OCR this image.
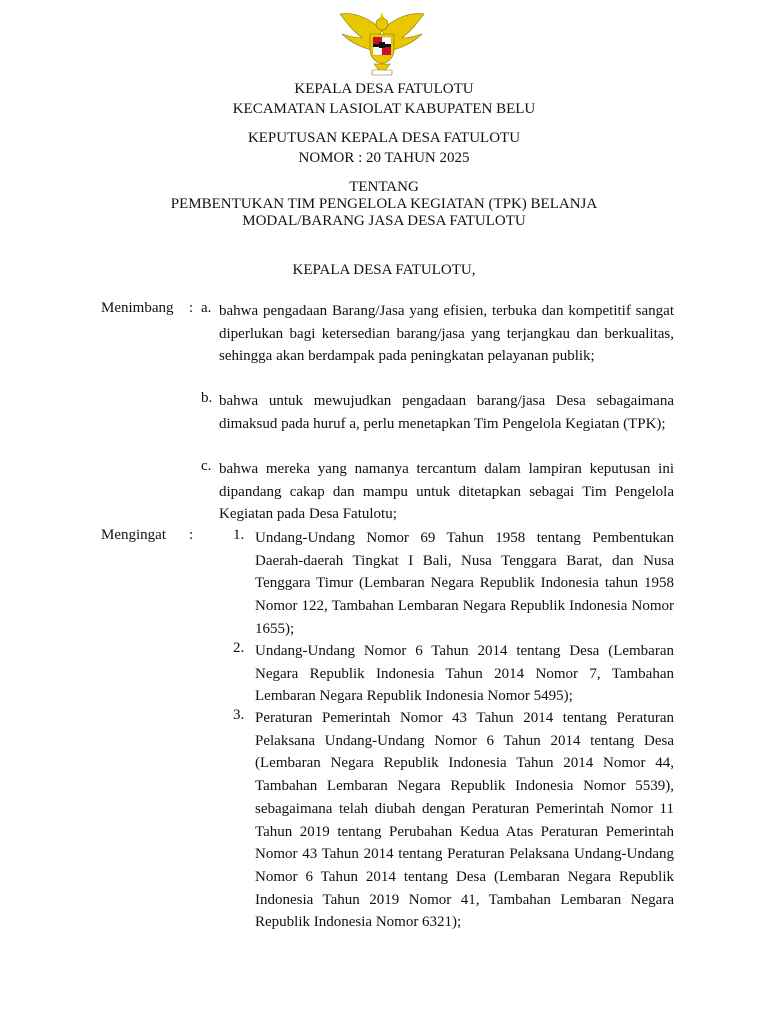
KEPALA DESA FATULOTU
KECAMATAN LASIOLAT KABUPATEN BELU
KEPUTUSAN KEPALA DESA FATULOTU
NOMOR : 20 TAHUN 2025
TENTANG
PEMBENTUKAN TIM PENGELOLA KEGIATAN (TPK) BELANJA
MODAL/BARANG JASA DESA FATULOTU
KEPALA DESA FATULOTU,
Menimbang : a. bahwa pengadaan Barang/Jasa yang efisien, terbuka dan kompetitif sangat diperlukan bagi ketersedian barang/jasa yang terjangkau dan berkualitas, sehingga akan berdampak pada peningkatan pelayanan publik;
b. bahwa untuk mewujudkan pengadaan barang/jasa Desa sebagaimana dimaksud pada huruf a, perlu menetapkan Tim Pengelola Kegiatan (TPK);
c. bahwa mereka yang namanya tercantum dalam lampiran keputusan ini dipandang cakap dan mampu untuk ditetapkan sebagai Tim Pengelola Kegiatan pada Desa Fatulotu;
Mengingat :	1. Undang-Undang Nomor 69 Tahun 1958 tentang Pembentukan Daerah-daerah Tingkat I Bali, Nusa Tenggara Barat, dan Nusa Tenggara Timur (Lembaran Negara Republik Indonesia tahun 1958 Nomor 122, Tambahan Lembaran Negara Republik Indonesia Nomor 1655);
2. Undang-Undang Nomor 6 Tahun 2014 tentang Desa (Lembaran Negara Republik Indonesia Tahun 2014 Nomor 7, Tambahan Lembaran Negara Republik Indonesia Nomor 5495);
3. Peraturan Pemerintah Nomor 43 Tahun 2014 tentang Peraturan Pelaksana Undang-Undang Nomor 6 Tahun 2014 tentang Desa (Lembaran Negara Republik Indonesia Tahun 2014 Nomor 44, Tambahan Lembaran Negara Republik Indonesia Nomor 5539), sebagaimana telah diubah dengan Peraturan Pemerintah Nomor 11 Tahun 2019 tentang Perubahan Kedua Atas Peraturan Pemerintah Nomor 43 Tahun 2014 tentang Peraturan Pelaksana Undang-Undang Nomor 6 Tahun 2014 tentang Desa (Lembaran Negara Republik Indonesia Tahun 2019 Nomor 41, Tambahan Lembaran Negara Republik Indonesia Nomor 6321);
